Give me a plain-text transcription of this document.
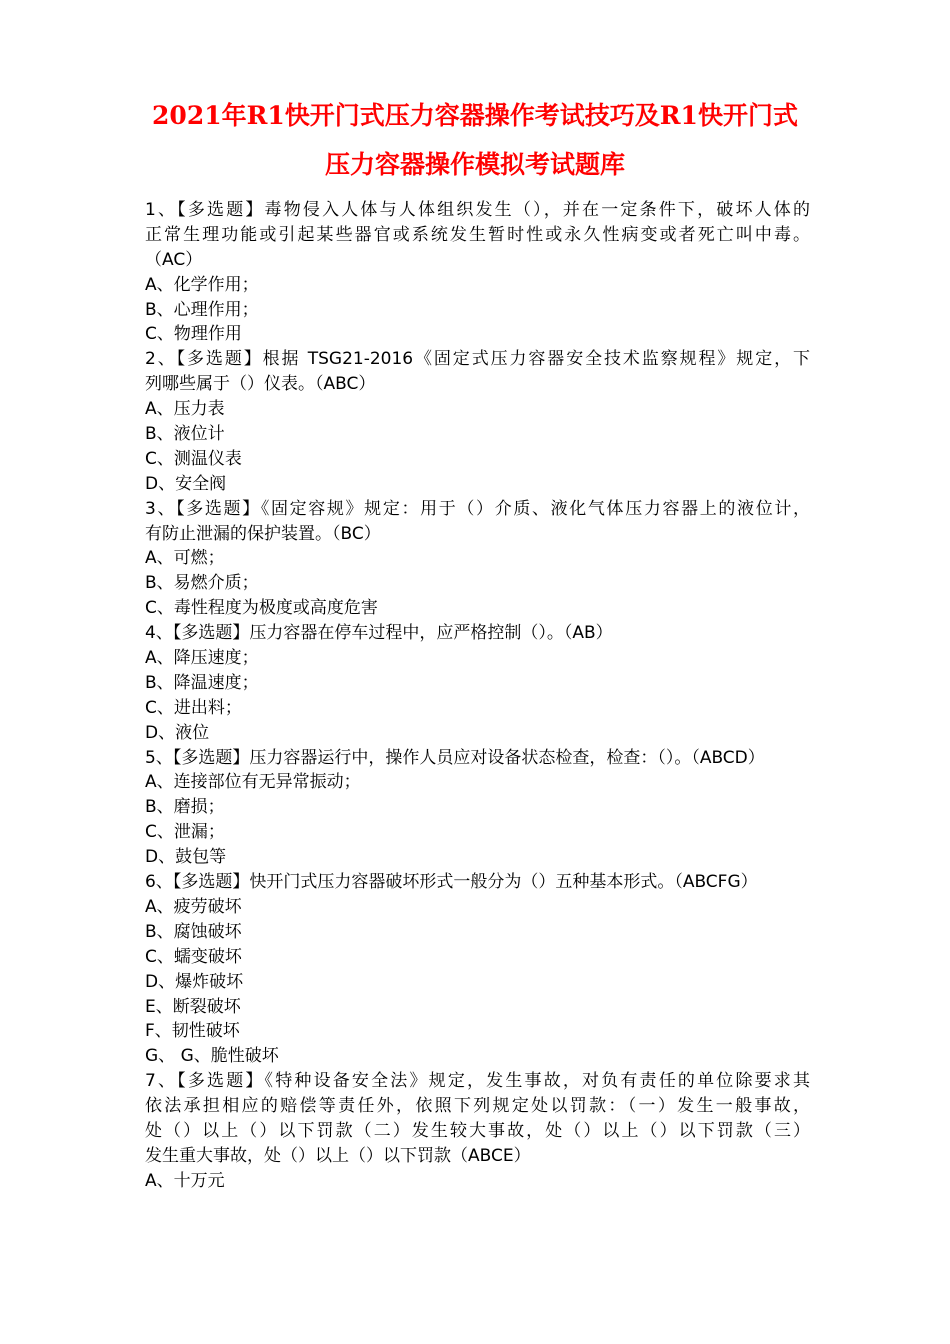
2021年R1快开门式压力容器操作考试技巧及R1快开门式
压力容器操作模拟考试题库
1、【多选题】毒物侵入人体与人体组织发生（），并在一定条件下，破坏人体的
正常生理功能或引起某些器官或系统发生暂时性或永久性病变或者死亡叫中毒。
（AC）
A、化学作用；
B、心理作用；
C、物理作用
2、【多选题】根据 TSG21-2016《固定式压力容器安全技术监察规程》规定，下
列哪些属于（）仪表。（ABC）
A、压力表
B、液位计
C、测温仪表
D、安全阀
3、【多选题】《固定容规》规定：用于（）介质、液化气体压力容器上的液位计，
有防止泄漏的保护装置。（BC）
A、可燃；
B、易燃介质；
C、毒性程度为极度或高度危害
4、【多选题】压力容器在停车过程中，应严格控制（）。（AB）
A、降压速度；
B、降温速度；
C、进出料；
D、液位
5、【多选题】压力容器运行中，操作人员应对设备状态检查，检查：（）。（ABCD）
A、连接部位有无异常振动；
B、磨损；
C、泄漏；
D、鼓包等
6、【多选题】快开门式压力容器破坏形式一般分为（）五种基本形式。（ABCFG）
A、疲劳破坏
B、腐蚀破坏
C、蠕变破坏
D、爆炸破坏
E、断裂破坏
F、韧性破坏
G、 G、脆性破坏
7、【多选题】《特种设备安全法》规定，发生事故，对负有责任的单位除要求其
依法承担相应的赔偿等责任外，依照下列规定处以罚款：（一）发生一般事故，
处（）以上（）以下罚款（二）发生较大事故，处（）以上（）以下罚款（三）
发生重大事故，处（）以上（）以下罚款（ABCE）
A、十万元
